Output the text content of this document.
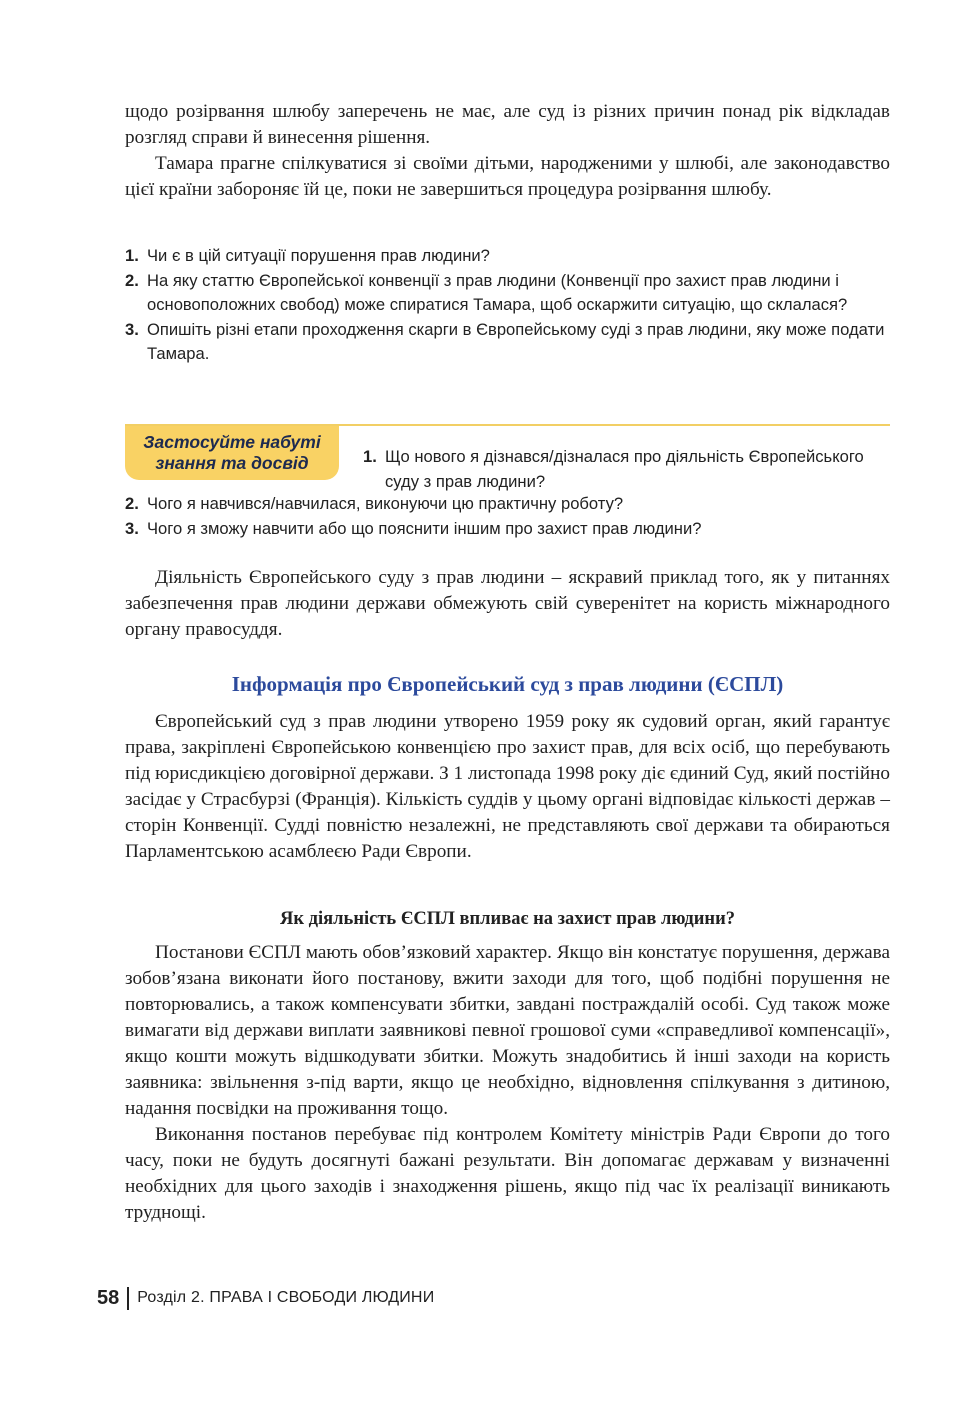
щодо розірвання шлюбу заперечень не має, але суд із різних причин понад рік відкладав розгляд справи й винесення рішення.

Тамара прагне спілкуватися зі своїми дітьми, народженими у шлюбі, але законодавство цієї країни забороняє їй це, поки не завершиться процедура розірвання шлюбу.

1. Чи є в цій ситуації порушення прав людини?
2. На яку статтю Європейської конвенції з прав людини (Конвенції про захист прав людини і основоположних свобод) може спиратися Тамара, щоб оскаржити ситуацію, що склалася?
3. Опишіть різні етапи проходження скарги в Європейському суді з прав людини, яку може подати Тамара.
Застосуйте набуті
знання та досвід	1. Що нового я дізнався/дізналася про діяльність Європейського суду з прав людини?
2. Чого я навчився/навчилася, виконуючи цю практичну роботу?
3. Чого я зможу навчити або що пояснити іншим про захист прав людини?

Діяльність Європейського суду з прав людини – яскравий приклад того, як у питаннях забезпечення прав людини держави обмежують свій суверенітет на користь міжнародного органу правосуддя.

Інформація про Європейський суд з прав людини (ЄСПЛ)

Європейський суд з прав людини утворено 1959 року як судовий орган, який гарантує права, закріплені Європейською конвенцією про захист прав, для всіх осіб, що перебувають під юрисдикцією договірної держави. З 1 листопада 1998 року діє єдиний Суд, який постійно засідає у Страсбурзі (Франція). Кількість суддів у цьому органі відповідає кількості держав – сторін Конвенції. Судді повністю незалежні, не представляють свої держави та обираються Парламентською асамблеєю Ради Європи.

Як діяльність ЄСПЛ впливає на захист прав людини?

Постанови ЄСПЛ мають обов’язковий характер. Якщо він констатує порушення, держава зобов’язана виконати його постанову, вжити заходи для того, щоб подібні порушення не повторювались, а також компенсувати збитки, завдані постраждалій особі. Суд також може вимагати від держави виплати заявникові певної грошової суми «справедливої компенсації», якщо кошти можуть відшкодувати збитки. Можуть знадобитись й інші заходи на користь заявника: звільнення з-під варти, якщо це необхідно, відновлення спілкування з дитиною, надання посвідки на проживання тощо.

Виконання постанов перебуває під контролем Комітету міністрів Ради Європи до того часу, поки не будуть досягнуті бажані результати. Він допомагає державам у визначенні необхідних для цього заходів і знаходження рішень, якщо під час їх реалізації виникають труднощі.

58 Розділ 2. ПРАВА І СВОБОДИ ЛЮДИНИ
